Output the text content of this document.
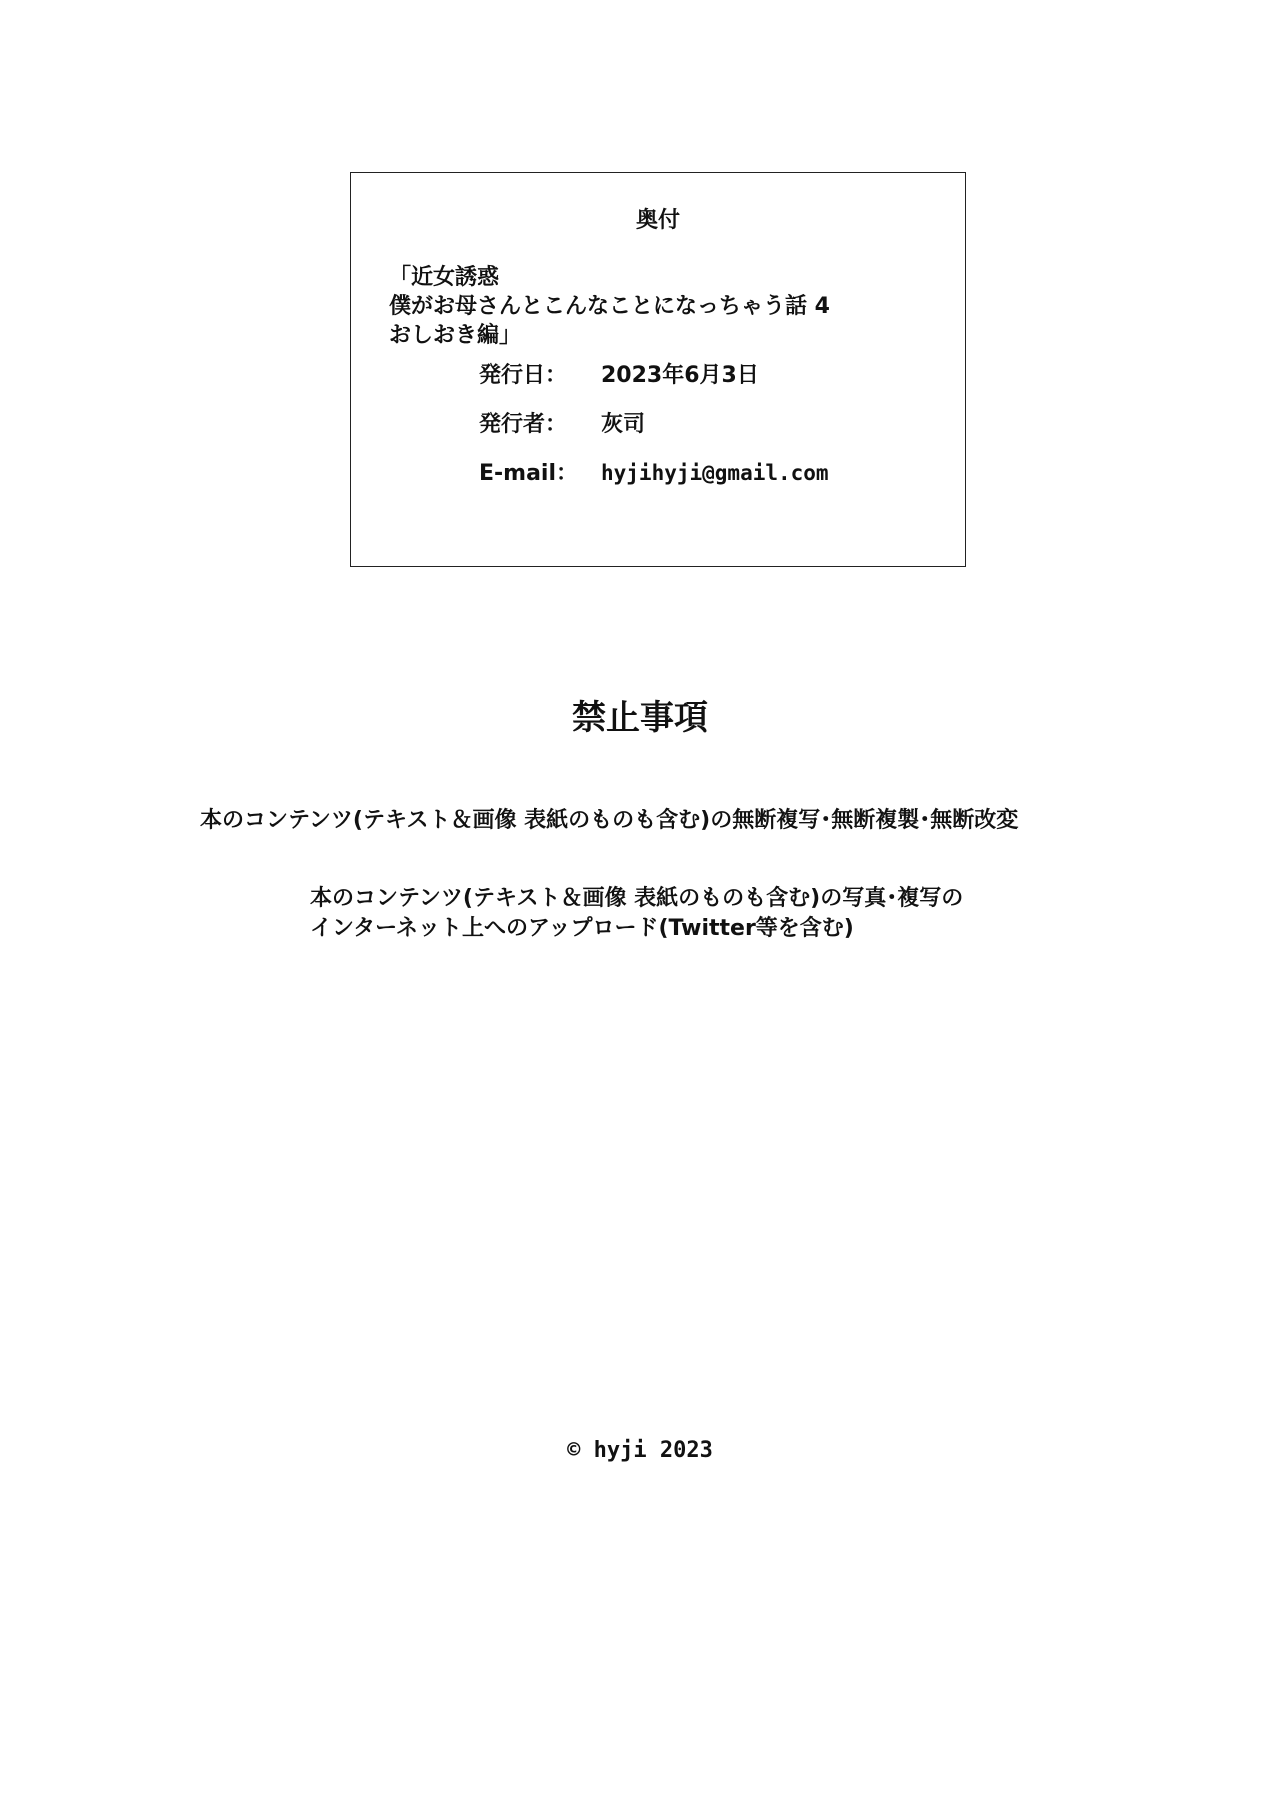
奥付
「近女誘惑
僕がお母さんとこんなことになっちゃう話 4
おしおき編」
発行日： 2023年6月3日
発行者： 灰司
E-mail： hyjihyji@gmail.com
禁止事項
本のコンテンツ(テキスト＆画像 表紙のものも含む)の無断複写･無断複製･無断改変
本のコンテンツ(テキスト＆画像 表紙のものも含む)の写真･複写の
インターネット上へのアップロード(Twitter等を含む)
© hyji 2023
